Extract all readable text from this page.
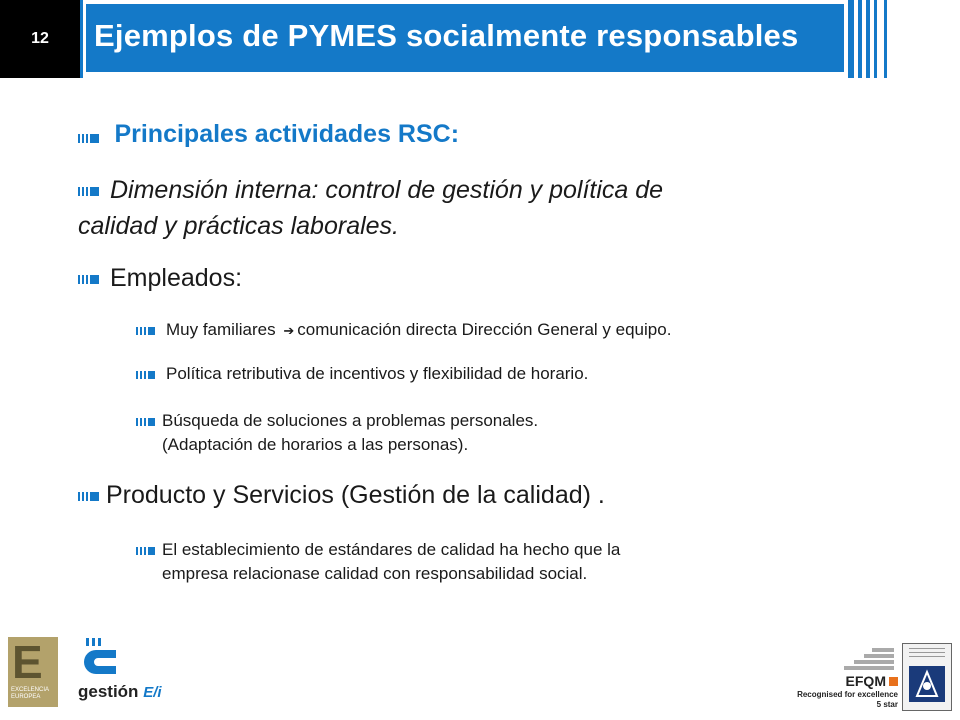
12	Ejemplos de PYMES socialmente responsables
Principales actividades RSC:
Dimensión interna: control de gestión y política de
calidad y prácticas laborales.
Empleados:
Muy familiares ➔ comunicación directa Dirección General y equipo.
Política retributiva de incentivos y flexibilidad de horario.
Búsqueda de soluciones a problemas personales.
(Adaptación de horarios a las personas).
Producto y Servicios (Gestión de la calidad) .
El establecimiento de estándares de calidad ha hecho que la
empresa relacionase calidad con responsabilidad social.
E
EXCELENCIA
EUROPEA	gestión E/i
EFQM
Recognised for excellence
5 star
